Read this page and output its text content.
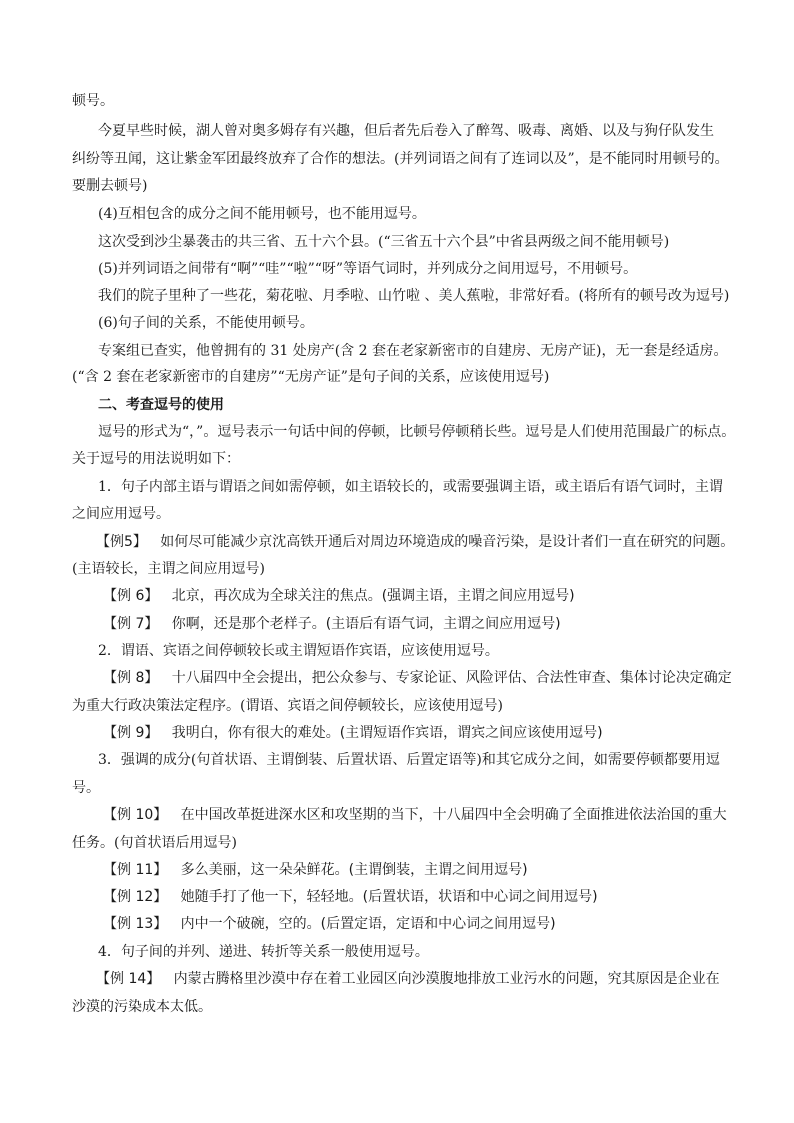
顿号。
今夏早些时候，湖人曾对奥多姆存有兴趣，但后者先后卷入了醉驾、吸毒、离婚、以及与狗仔队发生
纠纷等丑闻，这让紫金军团最终放弃了合作的想法。(并列词语之间有了连词以及”，是不能同时用顿号的。
要删去顿号)
(4)互相包含的成分之间不能用顿号，也不能用逗号。
这次受到沙尘暴袭击的共三省、五十六个县。(“三省五十六个县”中省县两级之间不能用顿号)
(5)并列词语之间带有“啊”“哇”“啦”“呀”等语气词时，并列成分之间用逗号，不用顿号。
我们的院子里种了一些花，菊花啦、月季啦、山竹啦 、美人蕉啦，非常好看。(将所有的顿号改为逗号)
(6)句子间的关系，不能使用顿号。
专案组已查实，他曾拥有的 31 处房产(含 2 套在老家新密市的自建房、无房产证)，无一套是经适房。
(“含 2 套在老家新密市的自建房”“无房产证”是句子间的关系，应该使用逗号)
二、考查逗号的使用
逗号的形式为“，”。逗号表示一句话中间的停顿，比顿号停顿稍长些。逗号是人们使用范围最广的标点。
关于逗号的用法说明如下：
1．句子内部主语与谓语之间如需停顿，如主语较长的，或需要强调主语，或主语后有语气词时，主谓
之间应用逗号。
【例5】   如何尽可能减少京沈高铁开通后对周边环境造成的噪音污染，是设计者们一直在研究的问题。
(主语较长，主谓之间应用逗号)
【例 6】   北京，再次成为全球关注的焦点。(强调主语，主谓之间应用逗号)
【例 7】   你啊，还是那个老样子。(主语后有语气词，主谓之间应用逗号)
2．谓语、宾语之间停顿较长或主谓短语作宾语，应该使用逗号。
【例 8】   十八届四中全会提出，把公众参与、专家论证、风险评估、合法性审查、集体讨论决定确定
为重大行政决策法定程序。(谓语、宾语之间停顿较长，应该使用逗号)
【例 9】   我明白，你有很大的难处。(主谓短语作宾语，谓宾之间应该使用逗号)
3．强调的成分(句首状语、主谓倒装、后置状语、后置定语等)和其它成分之间，如需要停顿都要用逗
号。
【例 10】   在中国改革挺进深水区和攻坚期的当下，十八届四中全会明确了全面推进依法治国的重大
任务。(句首状语后用逗号)
【例 11】   多么美丽，这一朵朵鲜花。(主谓倒装，主谓之间用逗号)
【例 12】   她随手打了他一下，轻轻地。(后置状语，状语和中心词之间用逗号)
【例 13】   内中一个破碗，空的。(后置定语，定语和中心词之间用逗号)
4．句子间的并列、递进、转折等关系一般使用逗号。
【例 14】   内蒙古腾格里沙漠中存在着工业园区向沙漠腹地排放工业污水的问题，究其原因是企业在
沙漠的污染成本太低。
